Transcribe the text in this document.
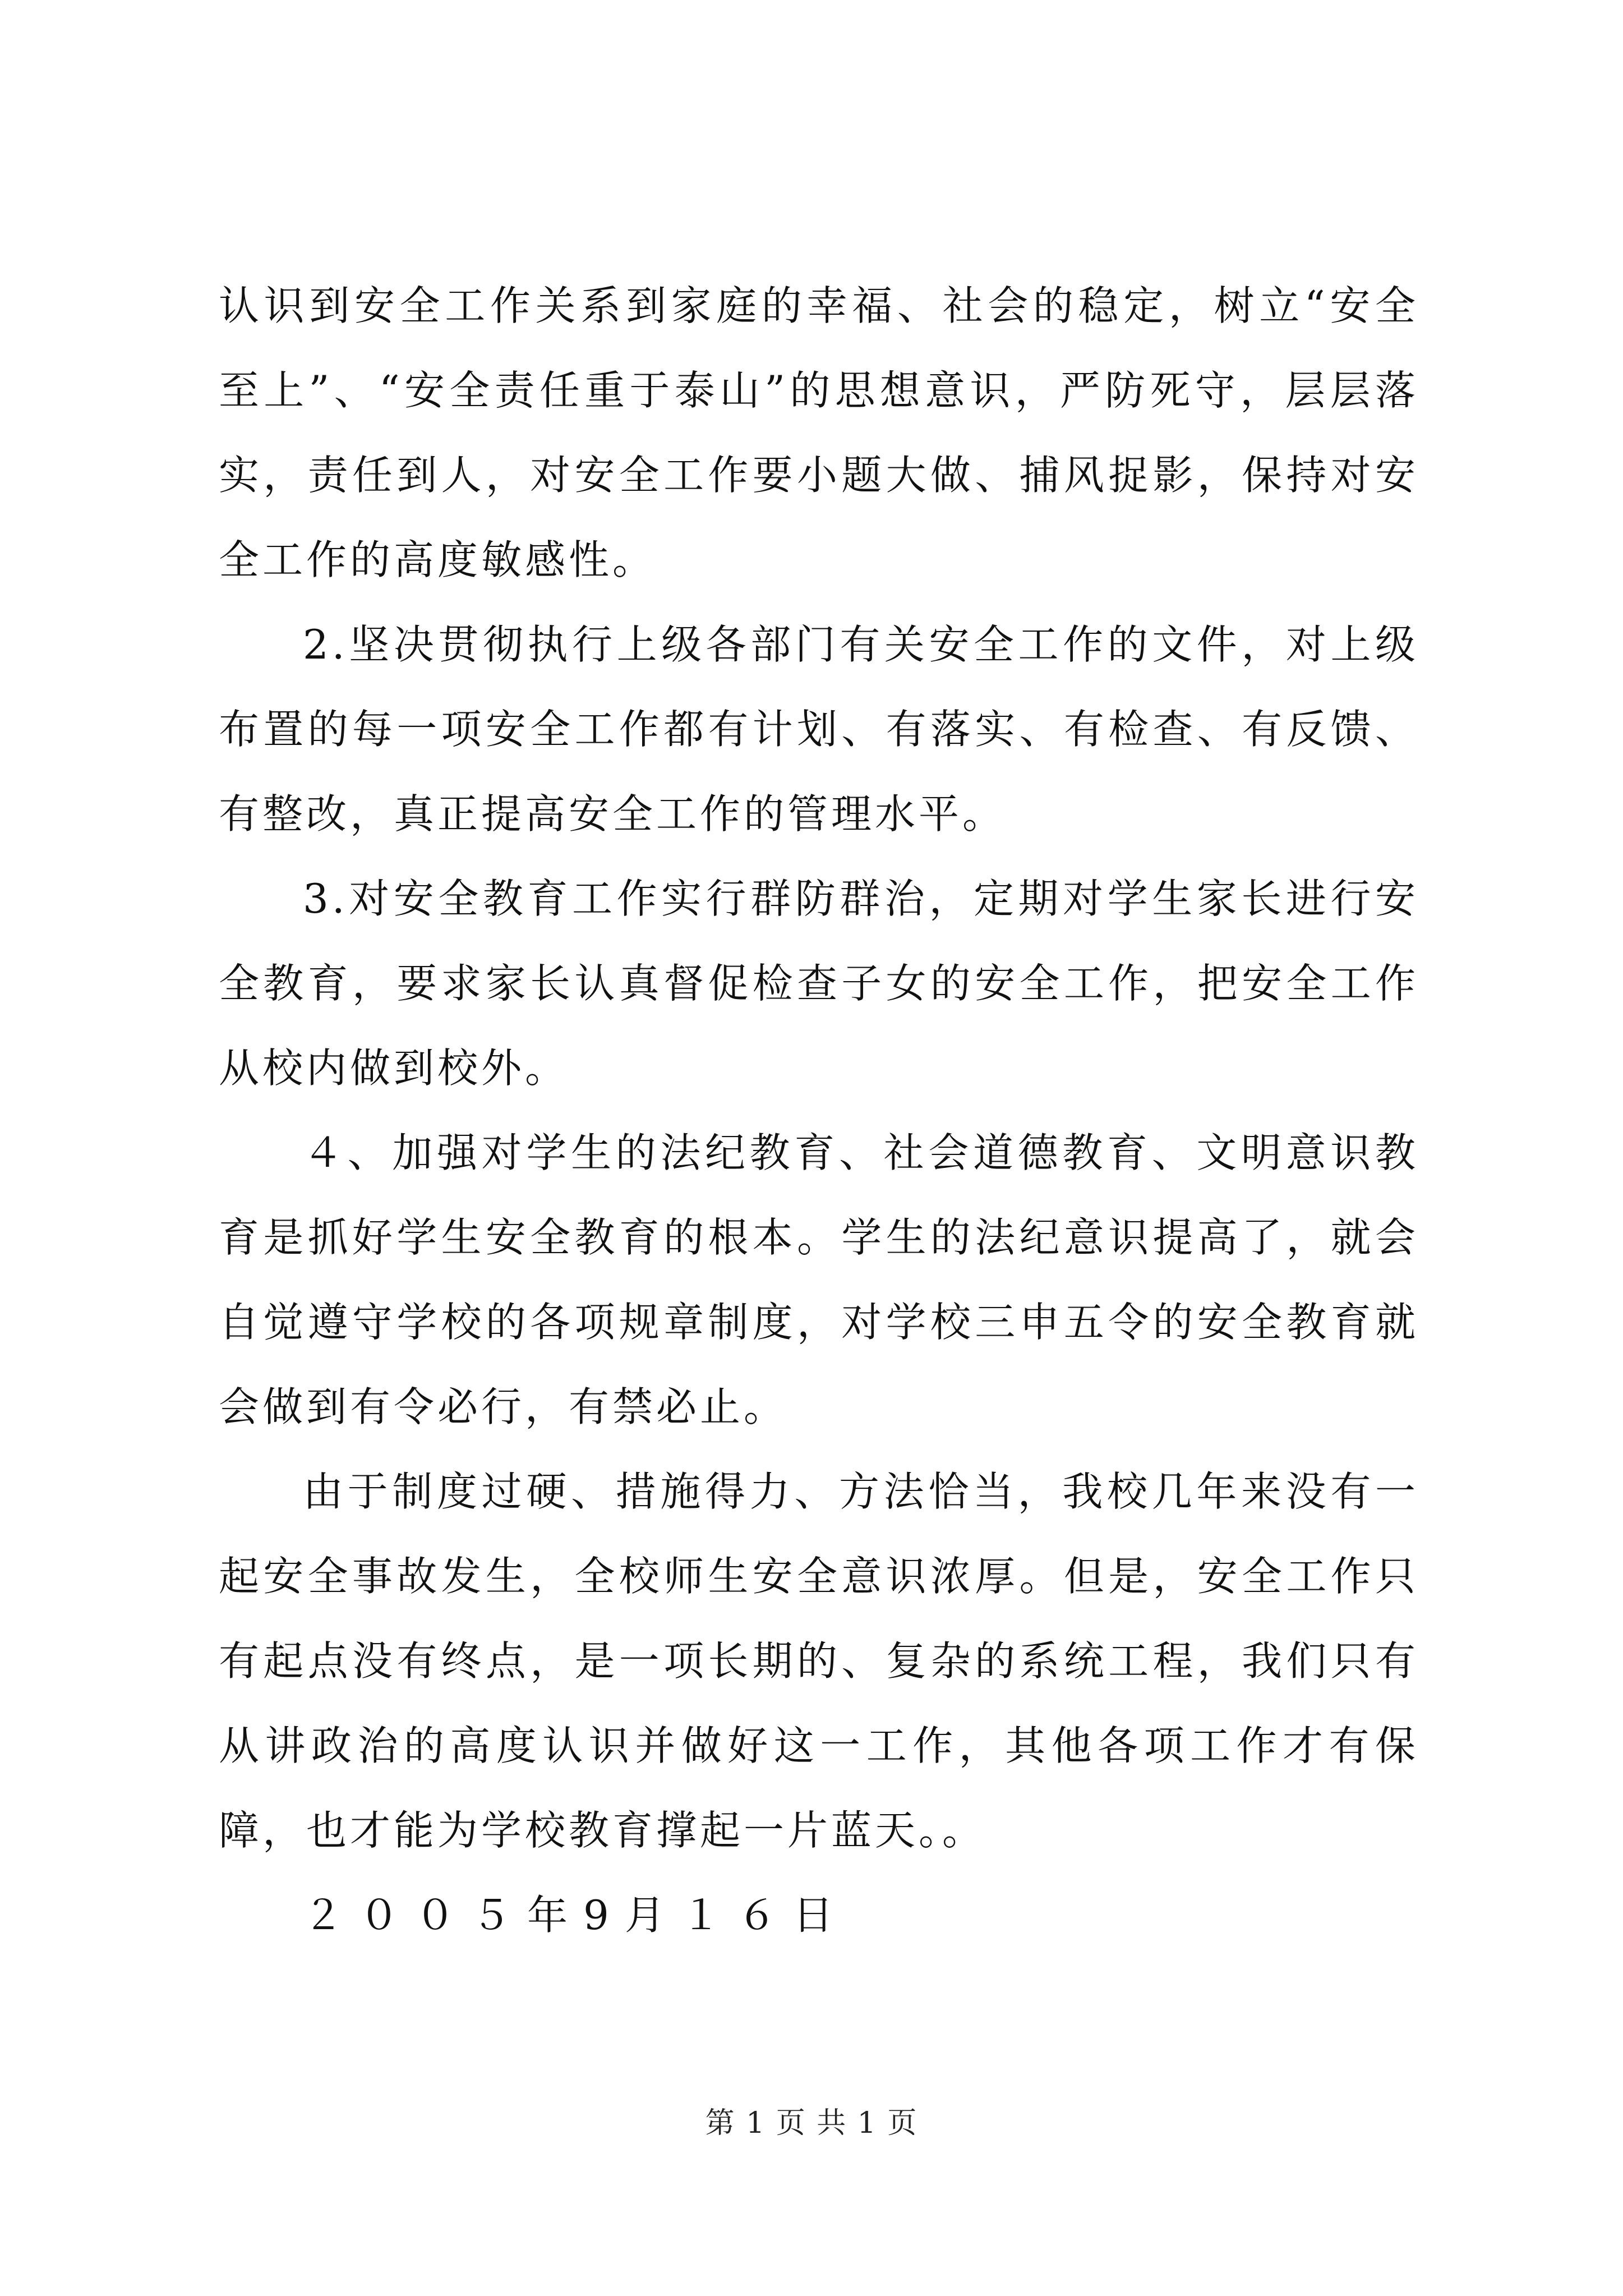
认识到安全工作关系到家庭的幸福、社会的稳定，树立“安全至上”、“安全责任重于泰山”的思想意识，严防死守，层层落实，责任到人，对安全工作要小题大做、捕风捉影，保持对安全工作的高度敏感性。

2.坚决贯彻执行上级各部门有关安全工作的文件，对上级布置的每一项安全工作都有计划、有落实、有检查、有反馈、有整改，真正提高安全工作的管理水平。

3.对安全教育工作实行群防群治，定期对学生家长进行安全教育，要求家长认真督促检查子女的安全工作，把安全工作从校内做到校外。

４、加强对学生的法纪教育、社会道德教育、文明意识教育是抓好学生安全教育的根本。学生的法纪意识提高了，就会自觉遵守学校的各项规章制度，对学校三申五令的安全教育就会做到有令必行，有禁必止。

由于制度过硬、措施得力、方法恰当，我校几年来没有一起安全事故发生，全校师生安全意识浓厚。但是，安全工作只有起点没有终点，是一项长期的、复杂的系统工程，我们只有从讲政治的高度认识并做好这一工作，其他各项工作才有保障，也才能为学校教育撑起一片蓝天。。

２００５年9月１６日

第 1 页 共 1 页
